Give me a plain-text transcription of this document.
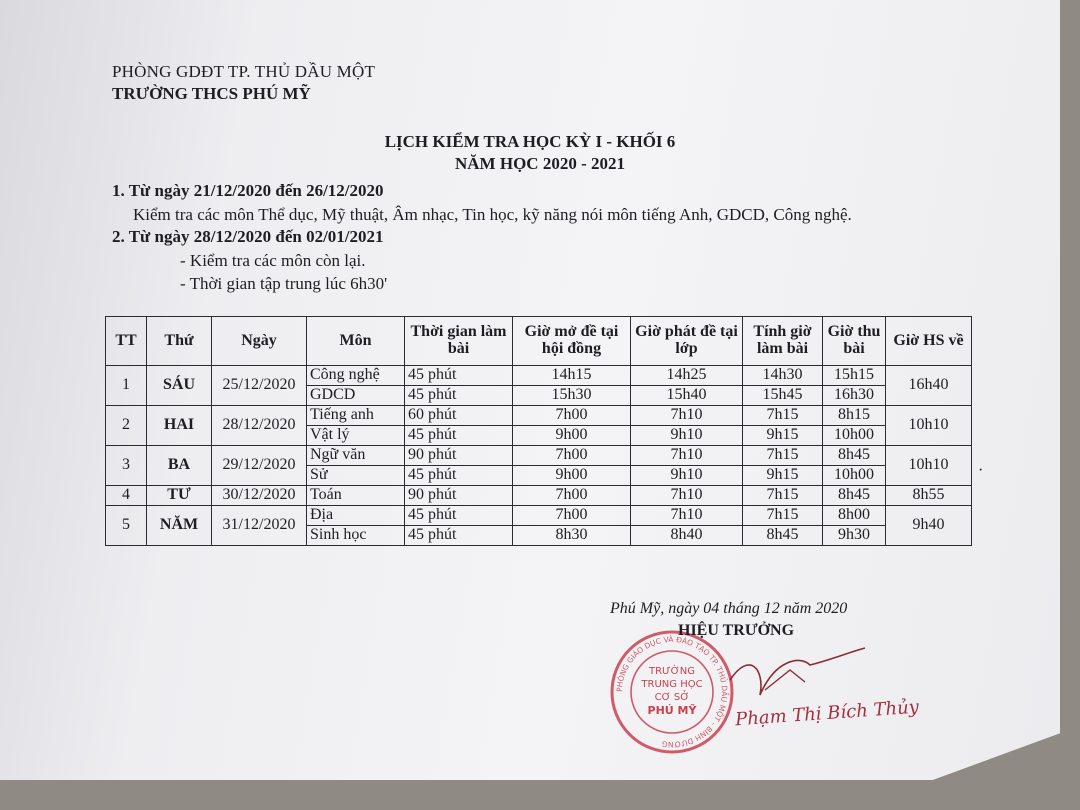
PHÒNG GDĐT TP. THỦ DẦU MỘT
TRƯỜNG THCS PHÚ MỸ
LỊCH KIỂM TRA HỌC KỲ I - KHỐI 6
NĂM HỌC 2020 - 2021
1. Từ ngày 21/12/2020 đến 26/12/2020
Kiểm tra các môn Thể dục, Mỹ thuật, Âm nhạc, Tin học, kỹ năng nói môn tiếng Anh, GDCD, Công nghệ.
2. Từ ngày 28/12/2020 đến 02/01/2021
- Kiểm tra các môn còn lại.
- Thời gian tập trung lúc 6h30'
TT	Thứ	Ngày	Môn	Thời gian làm bài	Giờ mở đề tại hội đồng	Giờ phát đề tại lớp	Tính giờ làm bài	Giờ thu bài	Giờ HS về
1	SÁU	25/12/2020	Công nghệ	45 phút	14h15	14h25	14h30	15h15	16h40
			GDCD	45 phút	15h30	15h40	15h45	16h30	
2	HAI	28/12/2020	Tiếng anh	60 phút	7h00	7h10	7h15	8h15	10h10
			Vật lý	45 phút	9h00	9h10	9h15	10h00	
3	BA	29/12/2020	Ngữ văn	90 phút	7h00	7h10	7h15	8h45	10h10
			Sử	45 phút	9h00	9h10	9h15	10h00	
4	TƯ	30/12/2020	Toán	90 phút	7h00	7h10	7h15	8h45	8h55
5	NĂM	31/12/2020	Địa	45 phút	7h00	7h10	7h15	8h00	9h40
			Sinh học	45 phút	8h30	8h40	8h45	9h30	
·
Phú Mỹ, ngày 04 tháng 12 năm 2020
PHÒNG GIÁO DỤC VÀ ĐÀO TẠO TP. THỦ DẦU MỘT - BÌNH DƯƠNG
TRƯỜNG
TRUNG HỌC
CƠ SỞ
PHÚ MỸ
HIỆU TRƯỞNG
Phạm Thị Bích Thủy
